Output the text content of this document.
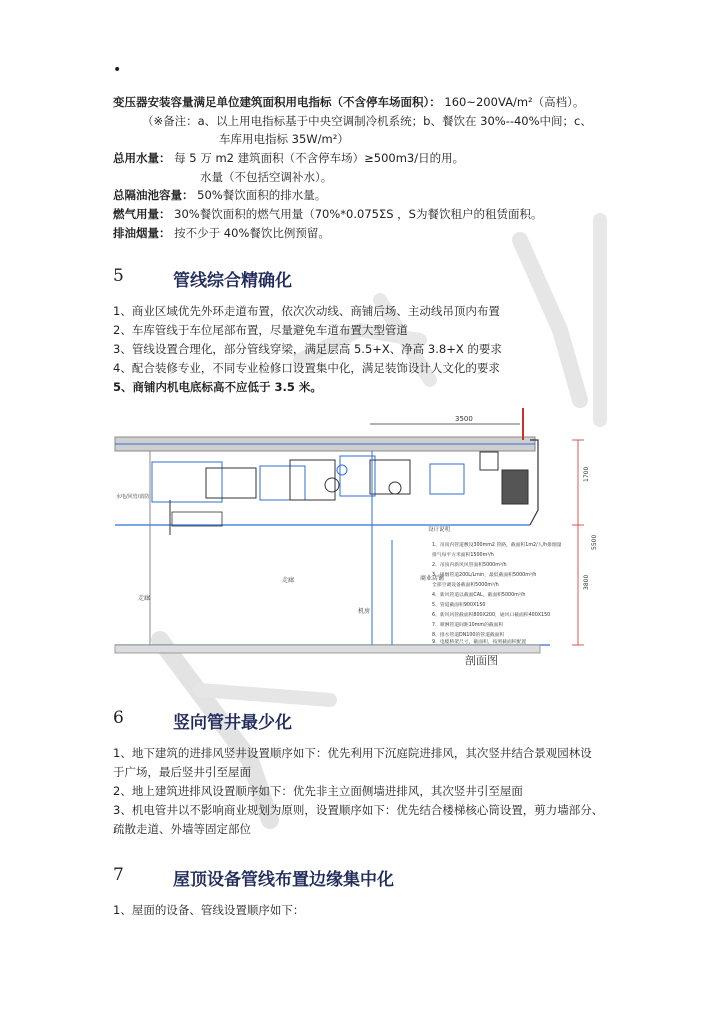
•
变压器安装容量满足单位建筑面积用电指标（不含停车场面积）： 160~200VA/m²（高档）。
（※备注：a、以上用电指标基于中央空调制冷机系统；b、餐饮在 30%--40%中间；c、
车库用电指标 35W/m²）
总用水量： 每 5 万 m2 建筑面积（不含停车场）≥500m3/日的用。
水量（不包括空调补水）。
总隔油池容量： 50%餐饮面积的排水量。
燃气用量： 30%餐饮面积的燃气用量（70%*0.075ΣS ，S为餐饮租户的租赁面积。
排油烟量： 按不少于 40%餐饮比例预留。
5	管线综合精确化
1、商业区域优先外环走道布置，依次次动线、商铺后场、主动线吊顶内布置
2、车库管线于车位尾部布置，尽量避免车道布置大型管道
3、管线设置合理化，部分管线穿梁，满足层高 5.5+X、净高 3.8+X 的要求
4、配合装修专业，不同专业检修口设置集中化，满足装饰设计人文化的要求
5、商铺内机电底标高不应低于 3.5 米。
3500
水电/风管/消防
走廊
走廊
商业店铺
机房
1700
5500
3800
设计说明
1、吊顶内管道敷设300mm2 管路，截面积1m2/人/h排烟量
排气每平方米面积1500m³/h
2、吊顶内新风风管面积5000m³/h
3、排烟管道200L/Lmin，最低截面积5000m³/h
全部空调设备截面积5000m³/h
4、新风管道以截面CAL，截面积5000m³/h
5、管道截面积900X150
6、新风风管截面积800X200，通风口截面积400X150
7、喷淋管道间距10mm的截面积
8、排水管道DN100的管道截面积
9、电缆桥架尺寸，截面积，按照截面积配置
剖面图
6	竖向管井最少化
1、地下建筑的进排风竖井设置顺序如下：优先利用下沉庭院进排风，其次竖井结合景观园林设
于广场，最后竖井引至屋面
2、地上建筑进排风设置顺序如下：优先非主立面侧墙进排风，其次竖井引至屋面
3、机电管井以不影响商业规划为原则，设置顺序如下：优先结合楼梯核心筒设置，剪力墙部分、
疏散走道、外墙等固定部位
7	屋顶设备管线布置边缘集中化
1、屋面的设备、管线设置顺序如下：
